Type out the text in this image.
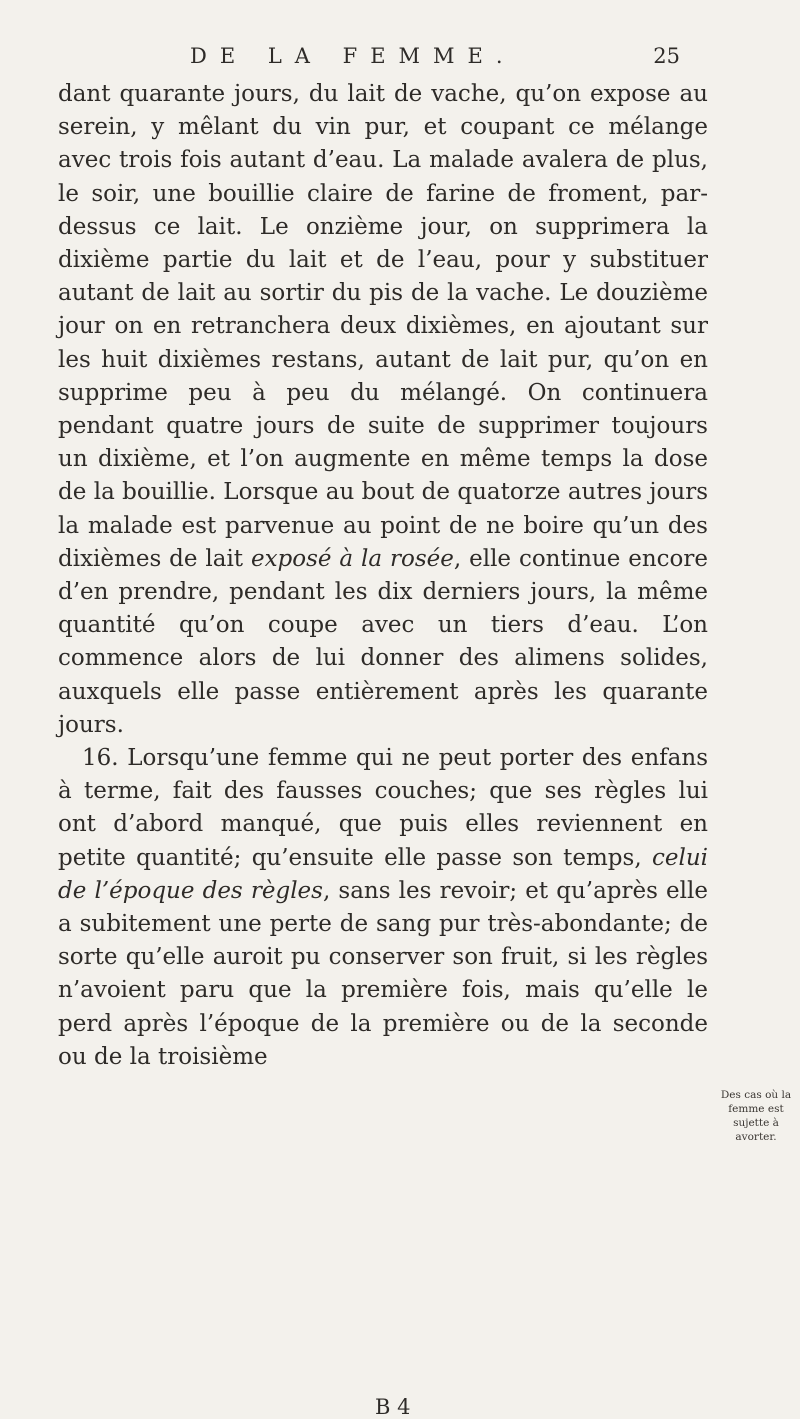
DE LA FEMME.	25

dant quarante jours, du lait de vache, qu’on expose au serein, y mêlant du vin pur, et coupant ce mélange avec trois fois autant d’eau. La malade avalera de plus, le soir, une bouillie claire de farine de froment, par-dessus ce lait. Le onzième jour, on supprimera la dixième partie du lait et de l’eau, pour y substituer autant de lait au sortir du pis de la vache. Le douzième jour on en retranchera deux dixièmes, en ajoutant sur les huit dixièmes restans, autant de lait pur, qu’on en supprime peu à peu du mélangé. On continuera pendant quatre jours de suite de supprimer toujours un dixième, et l’on augmente en même temps la dose de la bouillie. Lorsque au bout de quatorze autres jours la malade est parvenue au point de ne boire qu’un des dixièmes de lait exposé à la rosée, elle continue encore d’en prendre, pendant les dix derniers jours, la même quantité qu’on coupe avec un tiers d’eau. L’on commence alors de lui donner des alimens solides, auxquels elle passe entièrement après les quarante jours.

16. Lorsqu’une femme qui ne peut porter des enfans à terme, fait des fausses couches; que ses règles lui ont d’abord manqué, que puis elles reviennent en petite quantité; qu’ensuite elle passe son temps, celui de l’époque des règles, sans les revoir; et qu’après elle a subitement une perte de sang pur très-abondante; de sorte qu’elle auroit pu conserver son fruit, si les règles n’avoient paru que la première fois, mais qu’elle le perd après l’époque de la première ou de la seconde ou de la troisième

Des cas où la femme est sujette à avorter.
B 4
